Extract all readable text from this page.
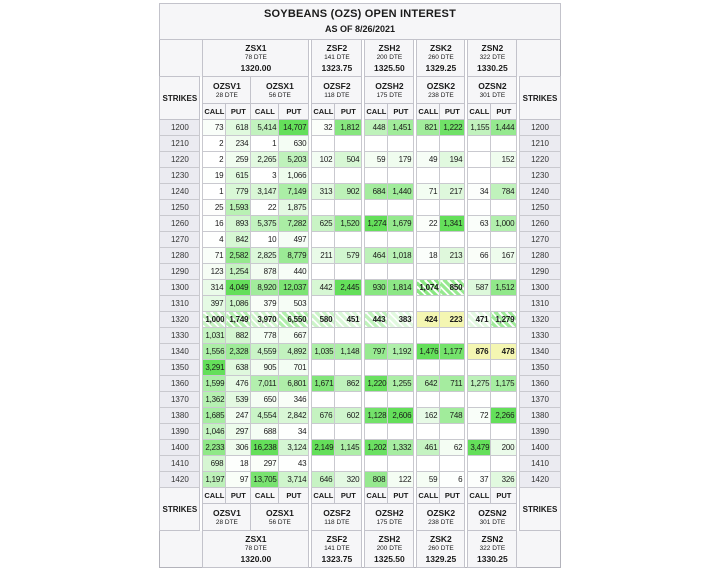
SOYBEANS (OZS) OPEN INTEREST
AS OF 8/26/2021																			

ZSX1
78 DTE
1320.00

ZSF2
141 DTE
1323.75

ZSH2
200 DTE
1325.50

ZSK2
260 DTE
1329.25

ZSN2
322 DTE
1330.25

STRIKES		
OZSV1
28 DTE

OZSX1
56 DTE

OZSF2
118 DTE

OZSH2
175 DTE

OZSK2
238 DTE

OZSN2
301 DTE		STRIKES
		CALL	PUT	CALL	PUT		CALL	PUT		CALL	PUT		CALL	PUT		CALL	PUT		
1200		73	618	5,414	14,707		32	1,812		448	1,451		821	1,222		1,155	1,444		1200
1210		2	234	1	630														1210
1220		2	259	2,265	5,203		102	504		59	179		49	194			152		1220
1230		19	615	3	1,066														1230
1240		1	779	3,147	7,149		313	902		684	1,440		71	217		34	784		1240
1250		25	1,593	22	1,875														1250
1260		16	893	5,375	7,282		625	1,520		1,274	1,679		22	1,341		63	1,000		1260
1270		4	842	10	497														1270
1280		71	2,582	2,825	8,779		211	579		464	1,018		18	213		66	167		1280
1290		123	1,254	878	440														1290
1300		314	4,049	8,920	12,037		442	2,445		930	1,814		1,074	850		587	1,512		1300
1310		397	1,086	379	503														1310
1320		1,000	1,749	3,970	6,550		580	451		443	383		424	223		471	1,279		1320
1330		1,031	882	778	667														1330
1340		1,556	2,328	4,559	4,892		1,035	1,148		797	1,192		1,476	1,177		876	478		1340
1350		3,291	638	905	701														1350
1360		1,599	476	7,011	6,801		1,671	862		1,220	1,255		642	711		1,275	1,175		1360
1370		1,362	539	650	346														1370
1380		1,685	247	4,554	2,842		676	602		1,128	2,606		162	748		72	2,266		1380
1390		1,046	297	688	34														1390
1400		2,233	306	16,238	3,124		2,149	1,145		1,202	1,332		461	62		3,479	200		1400
1410		698	18	297	43														1410
1420		1,197	97	13,705	3,714		646	320		808	122		59	6		37	326		1420
STRIKES		CALL	PUT	CALL	PUT		CALL	PUT		CALL	PUT		CALL	PUT		CALL	PUT		STRIKES

OZSV1
28 DTE

OZSX1
56 DTE

OZSF2
118 DTE

OZSH2
175 DTE

OZSK2
238 DTE

OZSN2
301 DTE

ZSX1
78 DTE
1320.00

ZSF2
141 DTE
1323.75

ZSH2
200 DTE
1325.50

ZSK2
260 DTE
1329.25

ZSN2
322 DTE
1330.25
